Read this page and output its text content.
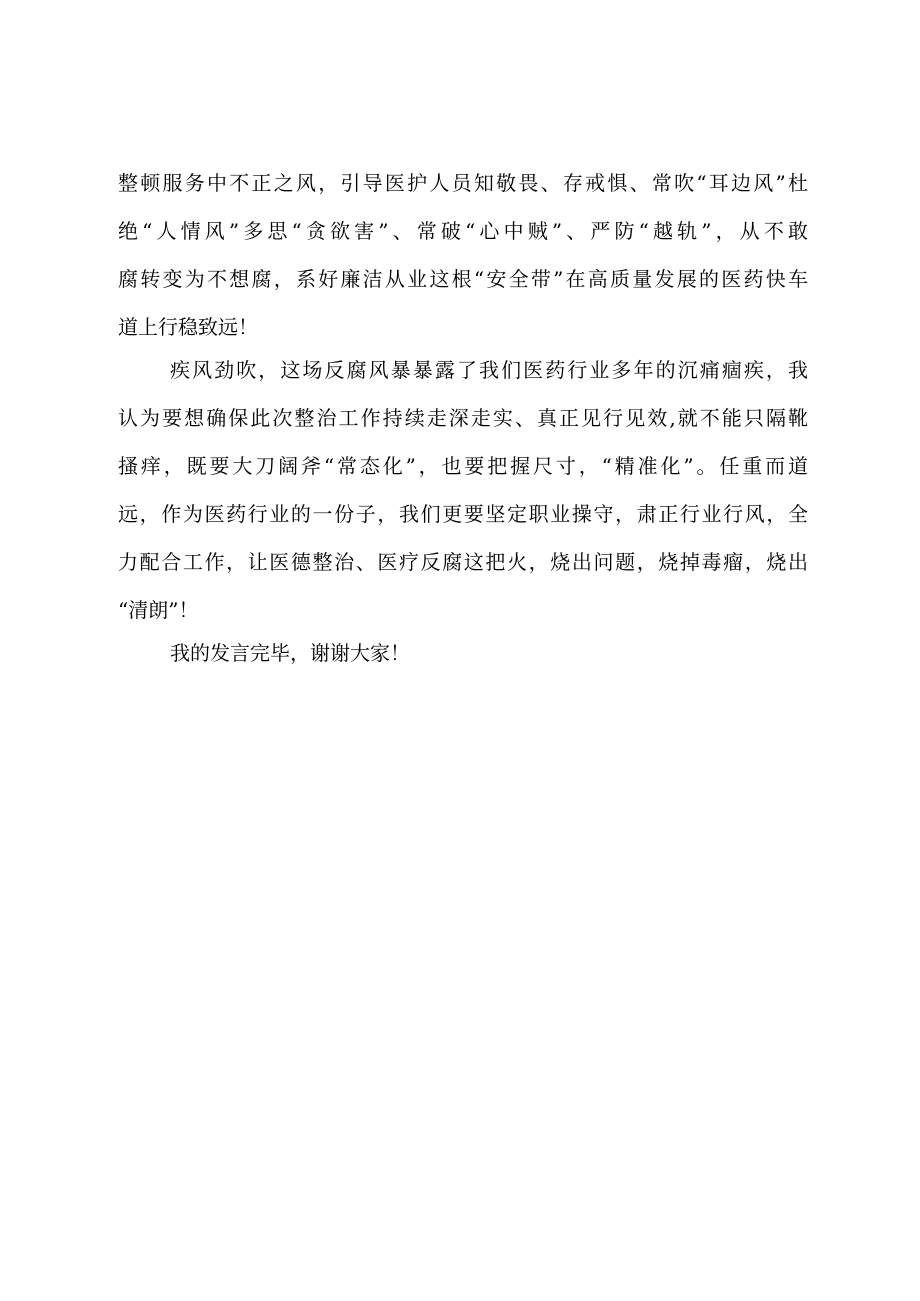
整顿服务中不正之风，引导医护人员知敬畏、存戒惧、常吹“耳边风”杜
绝“人情风”多思“贪欲害”、常破“心中贼”、严防“越轨”，从不敢
腐转变为不想腐，系好廉洁从业这根“安全带”在高质量发展的医药快车
道上行稳致远！
疾风劲吹，这场反腐风暴暴露了我们医药行业多年的沉痛痼疾，我
认为要想确保此次整治工作持续走深走实、真正见行见效,就不能只隔靴
搔痒，既要大刀阔斧“常态化”，也要把握尺寸，“精准化”。任重而道
远，作为医药行业的一份子，我们更要坚定职业操守，肃正行业行风，全
力配合工作，让医德整治、医疗反腐这把火，烧出问题，烧掉毒瘤，烧出
“清朗”！
我的发言完毕，谢谢大家！
